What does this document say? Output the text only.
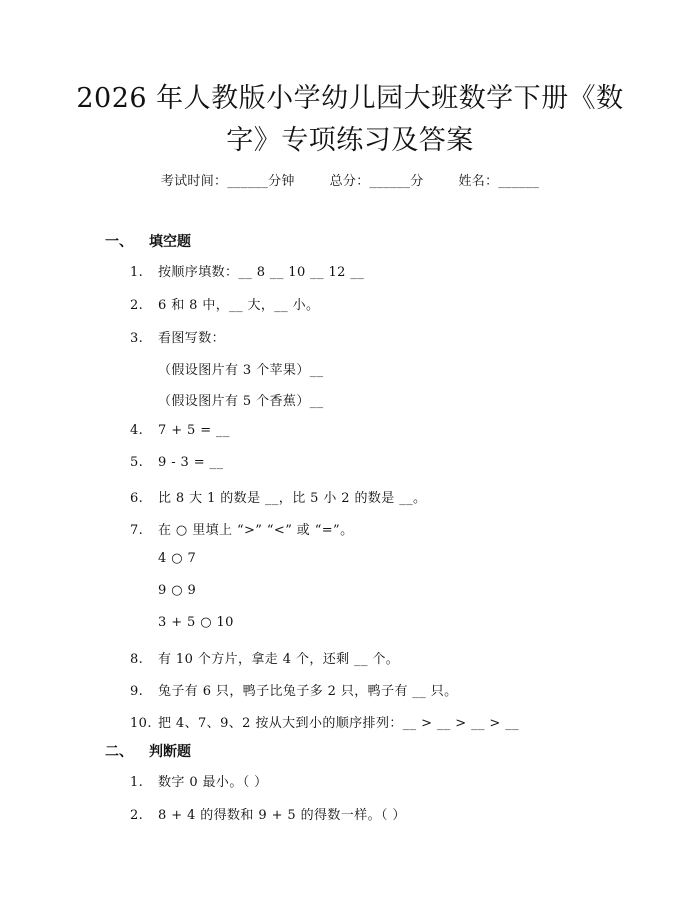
2026 年人教版小学幼儿园大班数学下册《数
字》专项练习及答案
考试时间：______分钟	总分：______分	姓名：______
一、 填空题
1. 按顺序填数：__ 8 __ 10 __ 12 __
2. 6 和 8 中，__ 大，__ 小。
3. 看图写数：
（假设图片有 3 个苹果）__
（假设图片有 5 个香蕉）__
4. 7 + 5 = __
5. 9 - 3 = __
6. 比 8 大 1 的数是 __，比 5 小 2 的数是 __。
7. 在 ○ 里填上 “>” “<” 或 “=”。
4 ○ 7
9 ○ 9
3 + 5 ○ 10
8. 有 10 个方片，拿走 4 个，还剩 __ 个。
9. 兔子有 6 只，鸭子比兔子多 2 只，鸭子有 __ 只。
10. 把 4、7、9、2 按从大到小的顺序排列：__ > __ > __ > __
二、 判断题
1. 数字 0 最小。（ ）
2. 8 + 4 的得数和 9 + 5 的得数一样。（ ）
